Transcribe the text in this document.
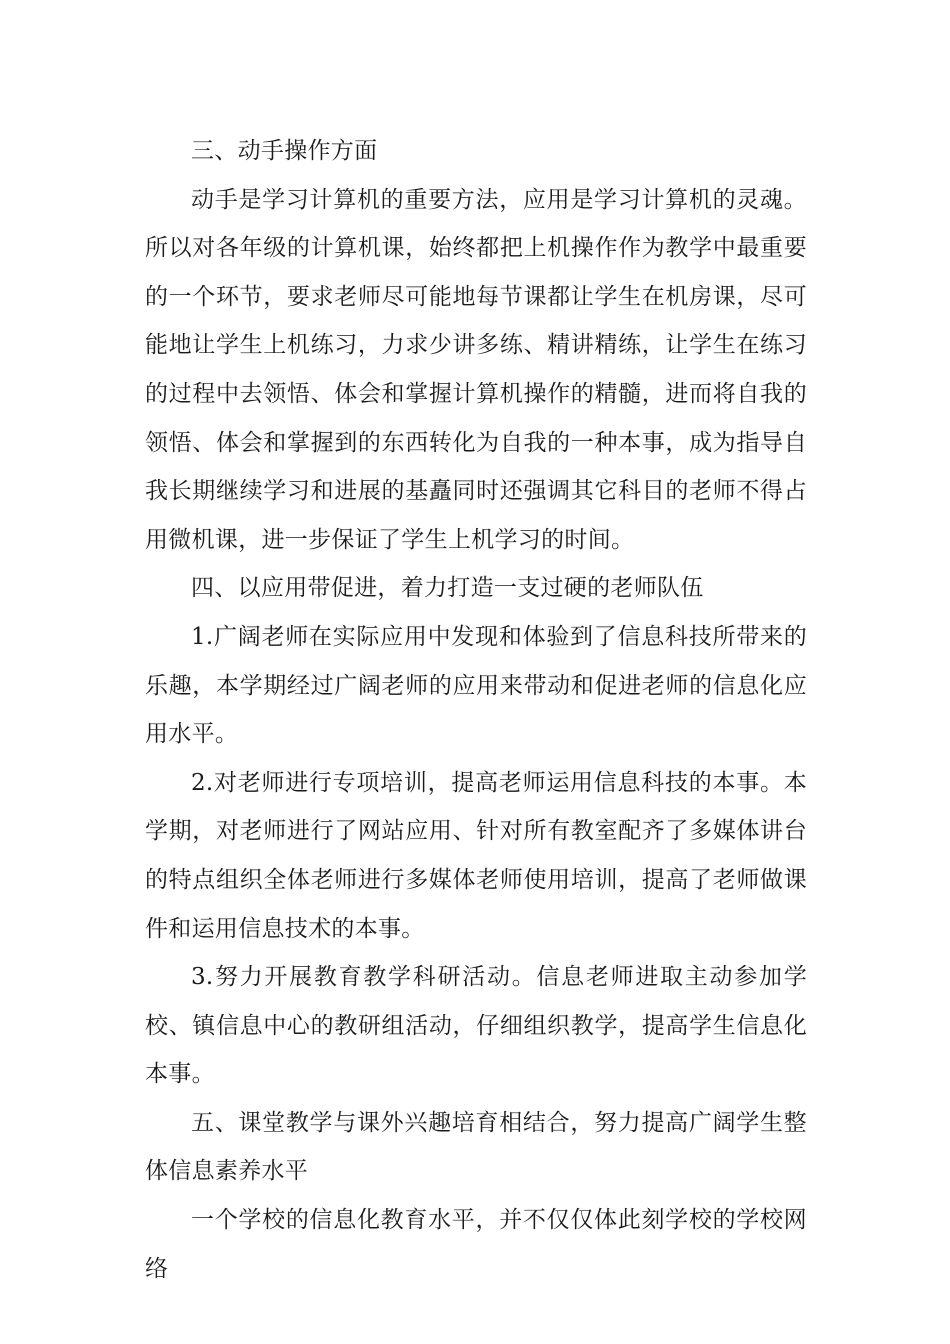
三、动手操作方面

动手是学习计算机的重要方法，应用是学习计算机的灵魂。所以对各年级的计算机课，始终都把上机操作作为教学中最重要的一个环节，要求老师尽可能地每节课都让学生在机房课，尽可能地让学生上机练习，力求少讲多练、精讲精练，让学生在练习的过程中去领悟、体会和掌握计算机操作的精髓，进而将自我的领悟、体会和掌握到的东西转化为自我的一种本事，成为指导自我长期继续学习和进展的基矗同时还强调其它科目的老师不得占用微机课，进一步保证了学生上机学习的时间。

四、以应用带促进，着力打造一支过硬的老师队伍

1.广阔老师在实际应用中发现和体验到了信息科技所带来的乐趣，本学期经过广阔老师的应用来带动和促进老师的信息化应用水平。

2.对老师进行专项培训，提高老师运用信息科技的本事。本学期，对老师进行了网站应用、针对所有教室配齐了多媒体讲台的特点组织全体老师进行多媒体老师使用培训，提高了老师做课件和运用信息技术的本事。

3.努力开展教育教学科研活动。信息老师进取主动参加学校、镇信息中心的教研组活动，仔细组织教学，提高学生信息化本事。

五、课堂教学与课外兴趣培育相结合，努力提高广阔学生整体信息素养水平

一个学校的信息化教育水平，并不仅仅体此刻学校的学校网络
